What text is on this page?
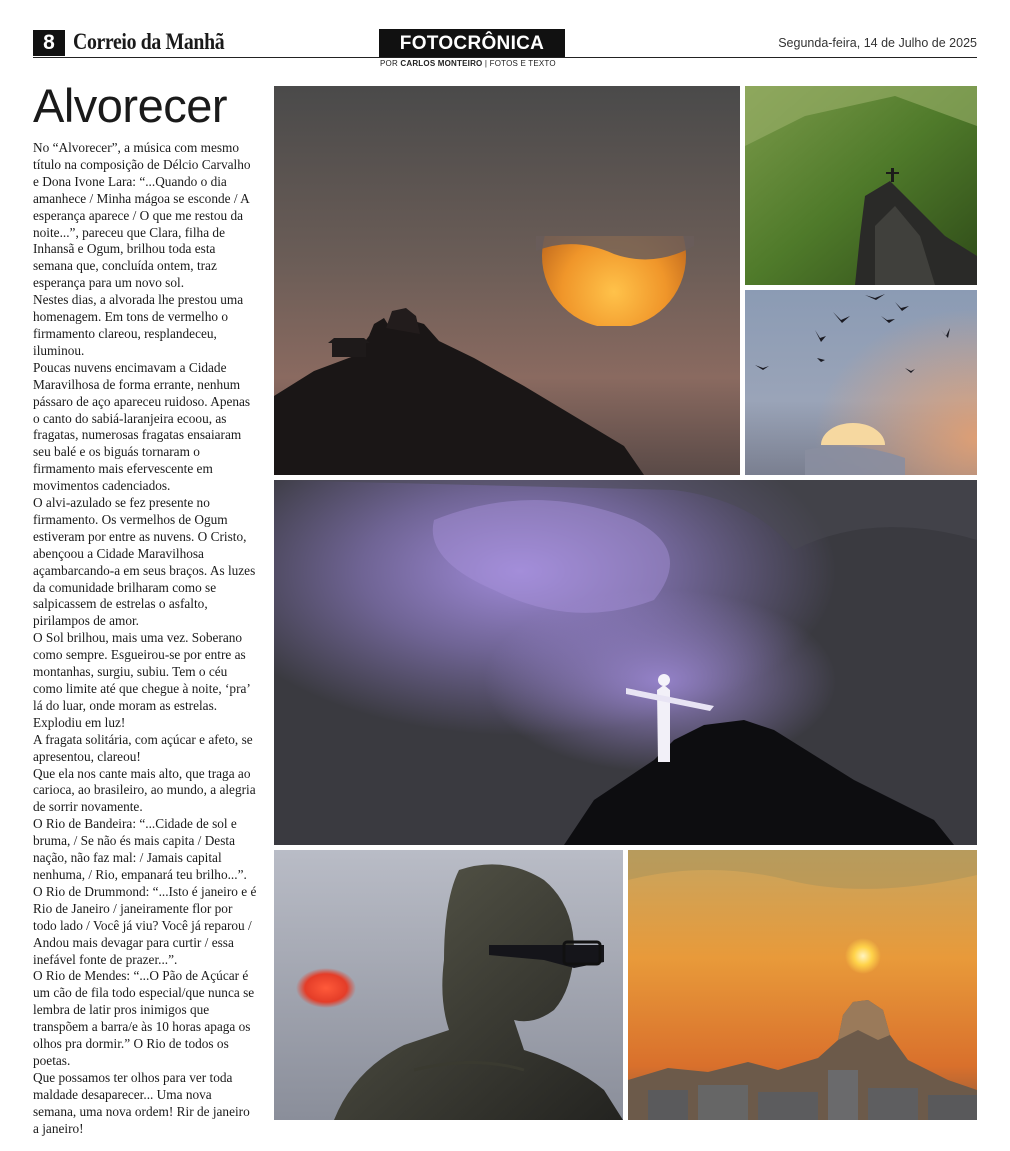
8 Correio da Manhã	FOTOCRÔNICA
POR CARLOS MONTEIRO | FOTOS E TEXTO
Segunda-feira, 14 de Julho de 2025
Alvorecer

No “Alvorecer”, a música com mesmo título na composição de Délcio Carvalho e Dona Ivone Lara: “...Quando o dia amanhece / Minha mágoa se esconde / A esperança aparece / O que me restou da noite...”, pareceu que Clara, filha de Inhansã e Ogum, brilhou toda esta semana que, concluída ontem, traz esperança para um novo sol.

Nestes dias, a alvorada lhe prestou uma homenagem. Em tons de vermelho o firmamento clareou, resplandeceu, iluminou.

Poucas nuvens encimavam a Cidade Maravilhosa de forma errante, nenhum pássaro de aço apareceu ruidoso. Apenas o canto do sabiá-laranjeira ecoou, as fragatas, numerosas fragatas ensaiaram seu balé e os biguás tornaram o firmamento mais efervescente em movimentos cadenciados.

O alvi-azulado se fez presente no firmamento. Os vermelhos de Ogum estiveram por entre as nuvens. O Cristo, abençoou a Cidade Maravilhosa açambarcando-a em seus braços. As luzes da comunidade brilharam como se salpicassem de estrelas o asfalto, pirilampos de amor.

O Sol brilhou, mais uma vez. Soberano como sempre. Esgueirou-se por entre as montanhas, surgiu, subiu. Tem o céu como limite até que chegue à noite, ‘pra’ lá do luar, onde moram as estrelas. Explodiu em luz!

A fragata solitária, com açúcar e afeto, se apresentou, clareou!

Que ela nos cante mais alto, que traga ao carioca, ao brasileiro, ao mundo, a alegria de sorrir novamente.

O Rio de Bandeira: “...Cidade de sol e bruma, / Se não és mais capita / Desta nação, não faz mal: / Jamais capital nenhuma, / Rio, empanará teu brilho...”.

O Rio de Drummond: “...Isto é janeiro e é Rio de Janeiro / janeiramente flor por todo lado / Você já viu? Você já reparou / Andou mais devagar para curtir / essa inefável fonte de prazer...”.

O Rio de Mendes: “...O Pão de Açúcar é um cão de fila todo especial/que nunca se lembra de latir pros inimigos que transpõem a barra/e às 10 horas apaga os olhos pra dormir.” O Rio de todos os poetas.

Que possamos ter olhos para ver toda maldade desaparecer... Uma nova semana, uma nova ordem! Rir de janeiro a janeiro!
